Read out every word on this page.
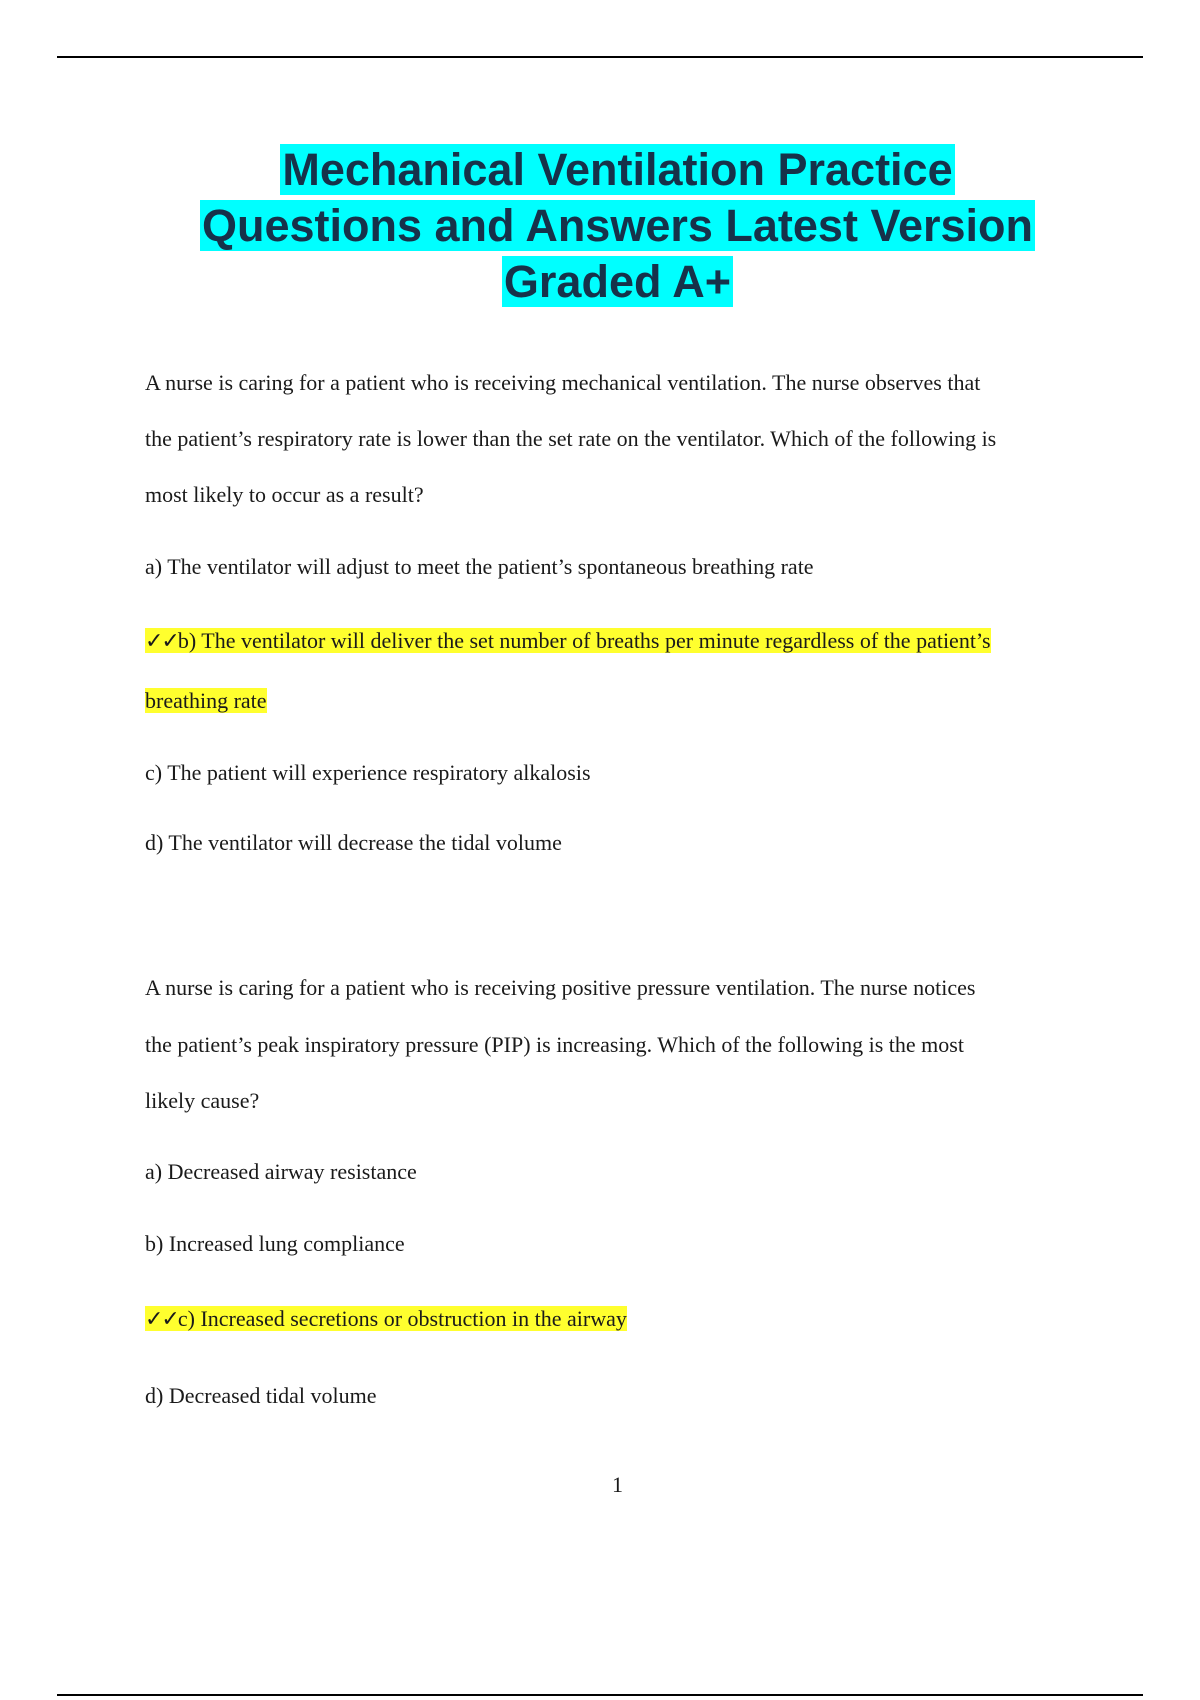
Mechanical Ventilation Practice
Questions and Answers Latest Version
Graded A+
A nurse is caring for a patient who is receiving mechanical ventilation. The nurse observes that
the patient’s respiratory rate is lower than the set rate on the ventilator. Which of the following is
most likely to occur as a result?
a) The ventilator will adjust to meet the patient’s spontaneous breathing rate
✓✓b) The ventilator will deliver the set number of breaths per minute regardless of the patient’s
breathing rate
c) The patient will experience respiratory alkalosis
d) The ventilator will decrease the tidal volume
A nurse is caring for a patient who is receiving positive pressure ventilation. The nurse notices
the patient’s peak inspiratory pressure (PIP) is increasing. Which of the following is the most
likely cause?
a) Decreased airway resistance
b) Increased lung compliance
✓✓c) Increased secretions or obstruction in the airway
d) Decreased tidal volume
1
